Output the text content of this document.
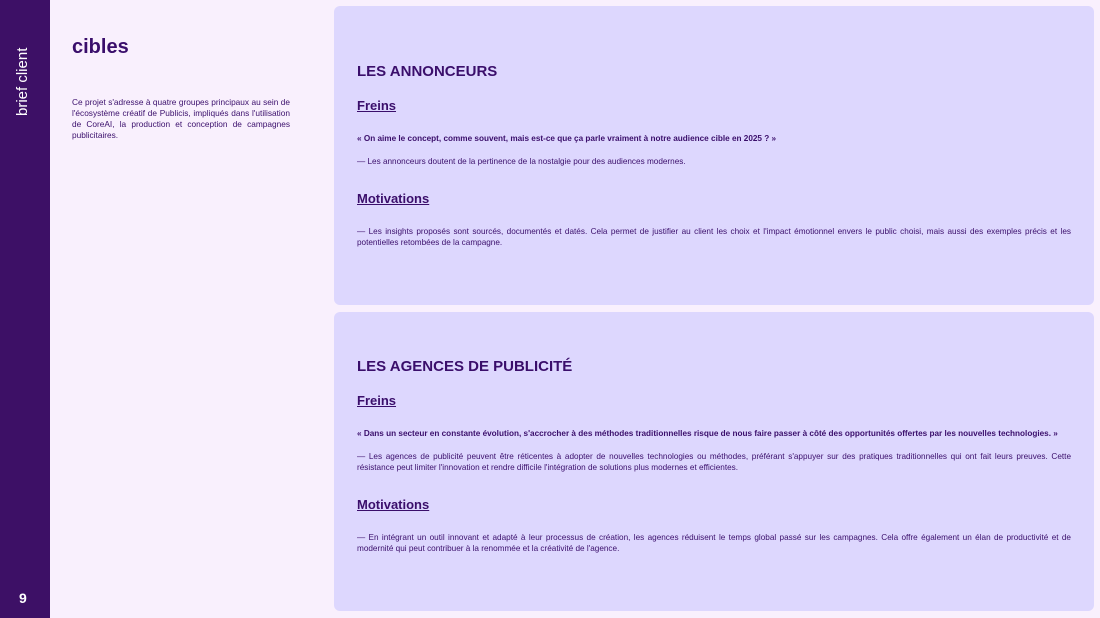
brief client
9
cibles
Ce projet s'adresse à quatre groupes principaux au sein de l'écosystème créatif de Publicis, impliqués dans l'utilisation de CoreAI, la production et conception de campagnes publicitaires.
LES ANNONCEURS
Freins

« On aime le concept, comme souvent, mais est-ce que ça parle vraiment à notre audience cible en 2025 ? »

— Les annonceurs doutent de la pertinence de la nostalgie pour des audiences modernes.

Motivations

— Les insights proposés sont sourcés, documentés et datés. Cela permet de justifier au client les choix et l'impact émotionnel envers le public choisi, mais aussi des exemples précis et les potentielles retombées de la campagne.

LES AGENCES DE PUBLICITÉ
Freins

« Dans un secteur en constante évolution, s'accrocher à des méthodes traditionnelles risque de nous faire passer à côté des opportunités offertes par les nouvelles technologies. »

— Les agences de publicité peuvent être réticentes à adopter de nouvelles technologies ou méthodes, préférant s'appuyer sur des pratiques traditionnelles qui ont fait leurs preuves. Cette résistance peut limiter l'innovation et rendre difficile l'intégration de solutions plus modernes et efficientes.

Motivations

— En intégrant un outil innovant et adapté à leur processus de création, les agences réduisent le temps global passé sur les campagnes. Cela offre également un élan de productivité et de modernité qui peut contribuer à la renommée et la créativité de l'agence.
